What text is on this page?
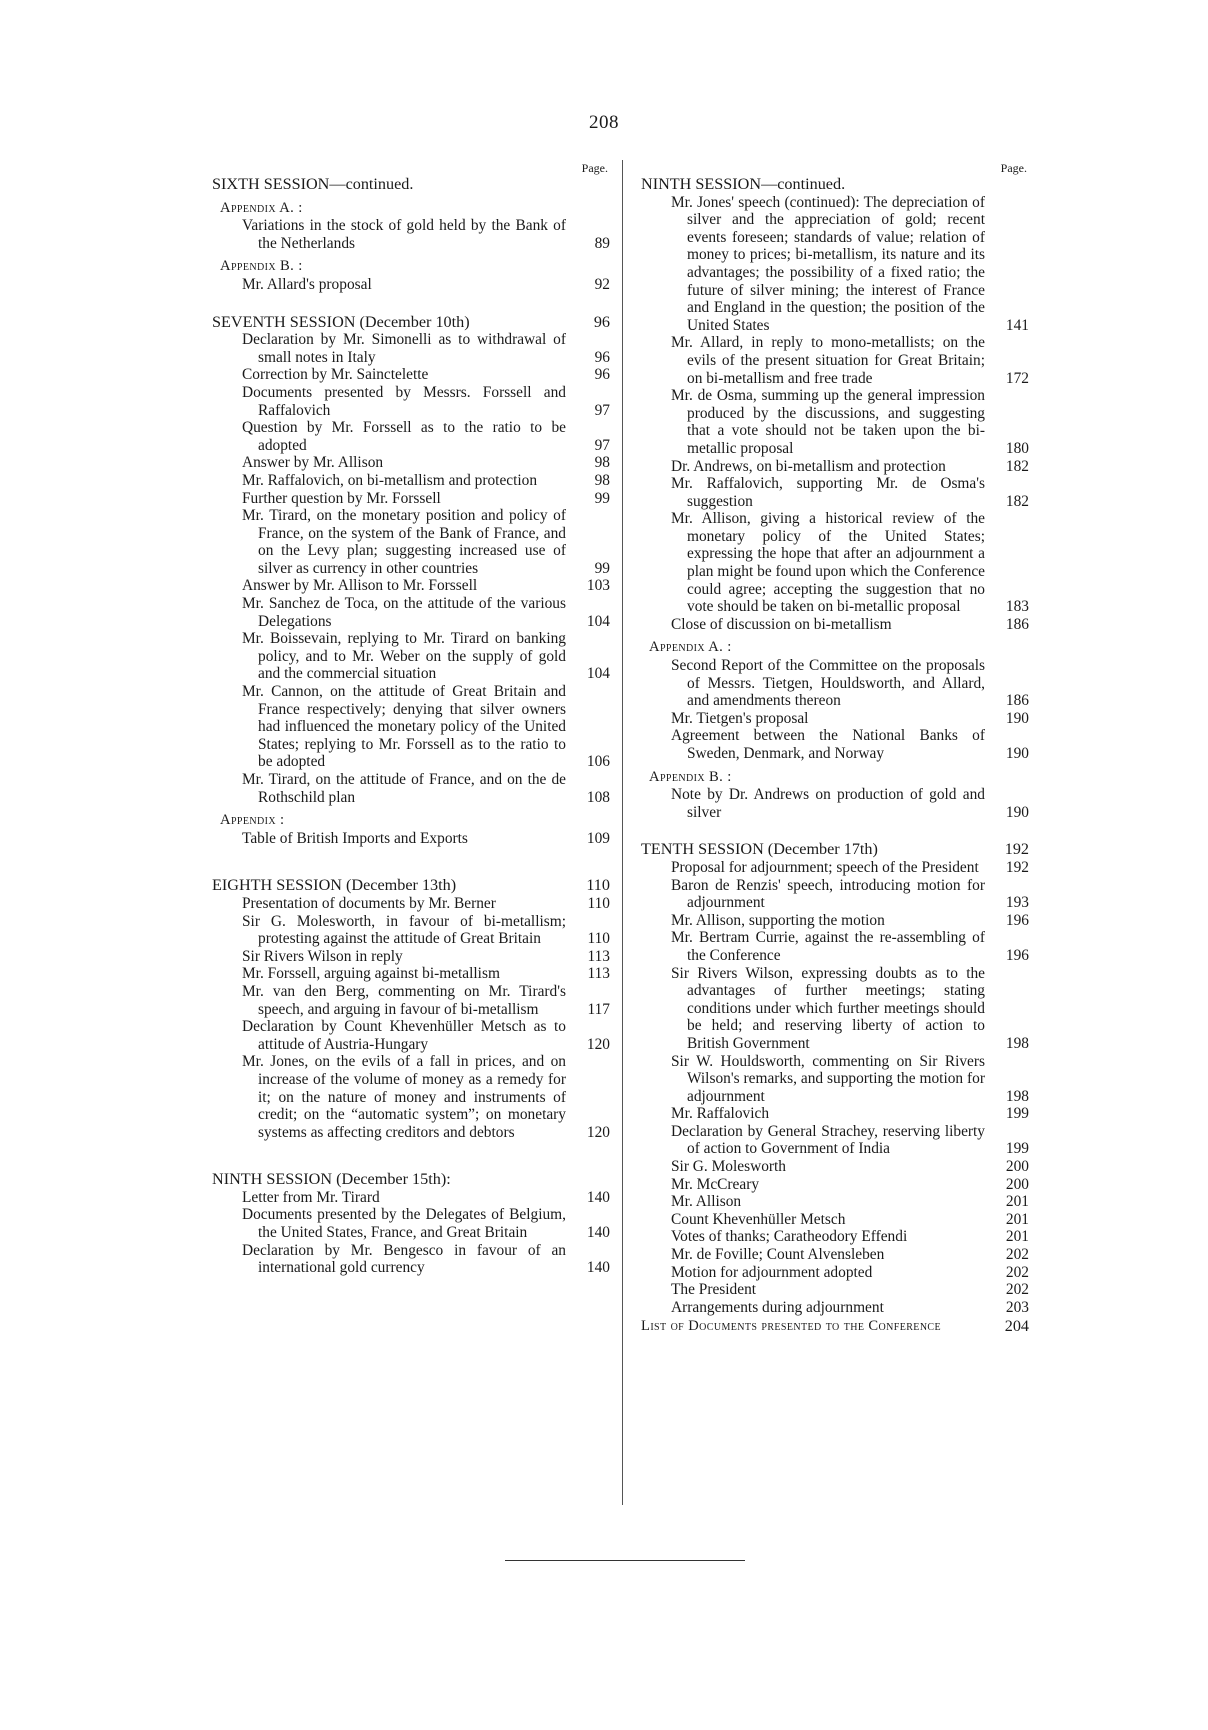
208
Page.
SIXTH SESSION—continued.
Appendix A. :
Variations in the stock of gold held by the Bank of the Netherlands	89
Appendix B. :
Mr. Allard's proposal	92
SEVENTH SESSION (December 10th)	96
Declaration by Mr. Simonelli as to withdrawal of small notes in Italy	96
Correction by Mr. Sainctelette	96
Documents presented by Messrs. Forssell and Raffalovich	97
Question by Mr. Forssell as to the ratio to be adopted	97
Answer by Mr. Allison	98
Mr. Raffalovich, on bi-metallism and protection	98
Further question by Mr. Forssell	99
Mr. Tirard, on the monetary position and policy of France, on the system of the Bank of France, and on the Levy plan; suggesting increased use of silver as currency in other countries	99
Answer by Mr. Allison to Mr. Forssell	103
Mr. Sanchez de Toca, on the attitude of the various Delegations	104
Mr. Boissevain, replying to Mr. Tirard on banking policy, and to Mr. Weber on the supply of gold and the commercial situation	104
Mr. Cannon, on the attitude of Great Britain and France respectively; denying that silver owners had influenced the monetary policy of the United States; replying to Mr. Forssell as to the ratio to be adopted	106
Mr. Tirard, on the attitude of France, and on the de Rothschild plan	108
Appendix :
Table of British Imports and Exports	109
EIGHTH SESSION (December 13th)	110
Presentation of documents by Mr. Berner	110
Sir G. Molesworth, in favour of bi-metallism; protesting against the attitude of Great Britain	110
Sir Rivers Wilson in reply	113
Mr. Forssell, arguing against bi-metallism	113
Mr. van den Berg, commenting on Mr. Tirard's speech, and arguing in favour of bi-metallism	117
Declaration by Count Khevenhüller Metsch as to attitude of Austria-Hungary	120
Mr. Jones, on the evils of a fall in prices, and on increase of the volume of money as a remedy for it; on the nature of money and instruments of credit; on the “automatic system”; on monetary systems as affecting creditors and debtors	120
NINTH SESSION (December 15th):
Letter from Mr. Tirard	140
Documents presented by the Delegates of Belgium, the United States, France, and Great Britain	140
Declaration by Mr. Bengesco in favour of an international gold currency	140
Page.
NINTH SESSION—continued.
Mr. Jones' speech (continued): The depreciation of silver and the appreciation of gold; recent events foreseen; standards of value; relation of money to prices; bi-metallism, its nature and its advantages; the possibility of a fixed ratio; the future of silver mining; the interest of France and England in the question; the position of the United States	141
Mr. Allard, in reply to mono-metallists; on the evils of the present situation for Great Britain; on bi-metallism and free trade	172
Mr. de Osma, summing up the general impression produced by the discussions, and suggesting that a vote should not be taken upon the bi-metallic proposal	180
Dr. Andrews, on bi-metallism and protection	182
Mr. Raffalovich, supporting Mr. de Osma's suggestion	182
Mr. Allison, giving a historical review of the monetary policy of the United States; expressing the hope that after an adjournment a plan might be found upon which the Conference could agree; accepting the suggestion that no vote should be taken on bi-metallic proposal	183
Close of discussion on bi-metallism	186
Appendix A. :
Second Report of the Committee on the proposals of Messrs. Tietgen, Houldsworth, and Allard, and amendments thereon	186
Mr. Tietgen's proposal	190
Agreement between the National Banks of Sweden, Denmark, and Norway	190
Appendix B. :
Note by Dr. Andrews on production of gold and silver	190
TENTH SESSION (December 17th)	192
Proposal for adjournment; speech of the President	192
Baron de Renzis' speech, introducing motion for adjournment	193
Mr. Allison, supporting the motion	196
Mr. Bertram Currie, against the re-assembling of the Conference	196
Sir Rivers Wilson, expressing doubts as to the advantages of further meetings; stating conditions under which further meetings should be held; and reserving liberty of action to British Government	198
Sir W. Houldsworth, commenting on Sir Rivers Wilson's remarks, and supporting the motion for adjournment	198
Mr. Raffalovich	199
Declaration by General Strachey, reserving liberty of action to Government of India	199
Sir G. Molesworth	200
Mr. McCreary	200
Mr. Allison	201
Count Khevenhüller Metsch	201
Votes of thanks; Caratheodory Effendi	201
Mr. de Foville; Count Alvensleben	202
Motion for adjournment adopted	202
The President	202
Arrangements during adjournment	203
List of Documents presented to the Conference	204
